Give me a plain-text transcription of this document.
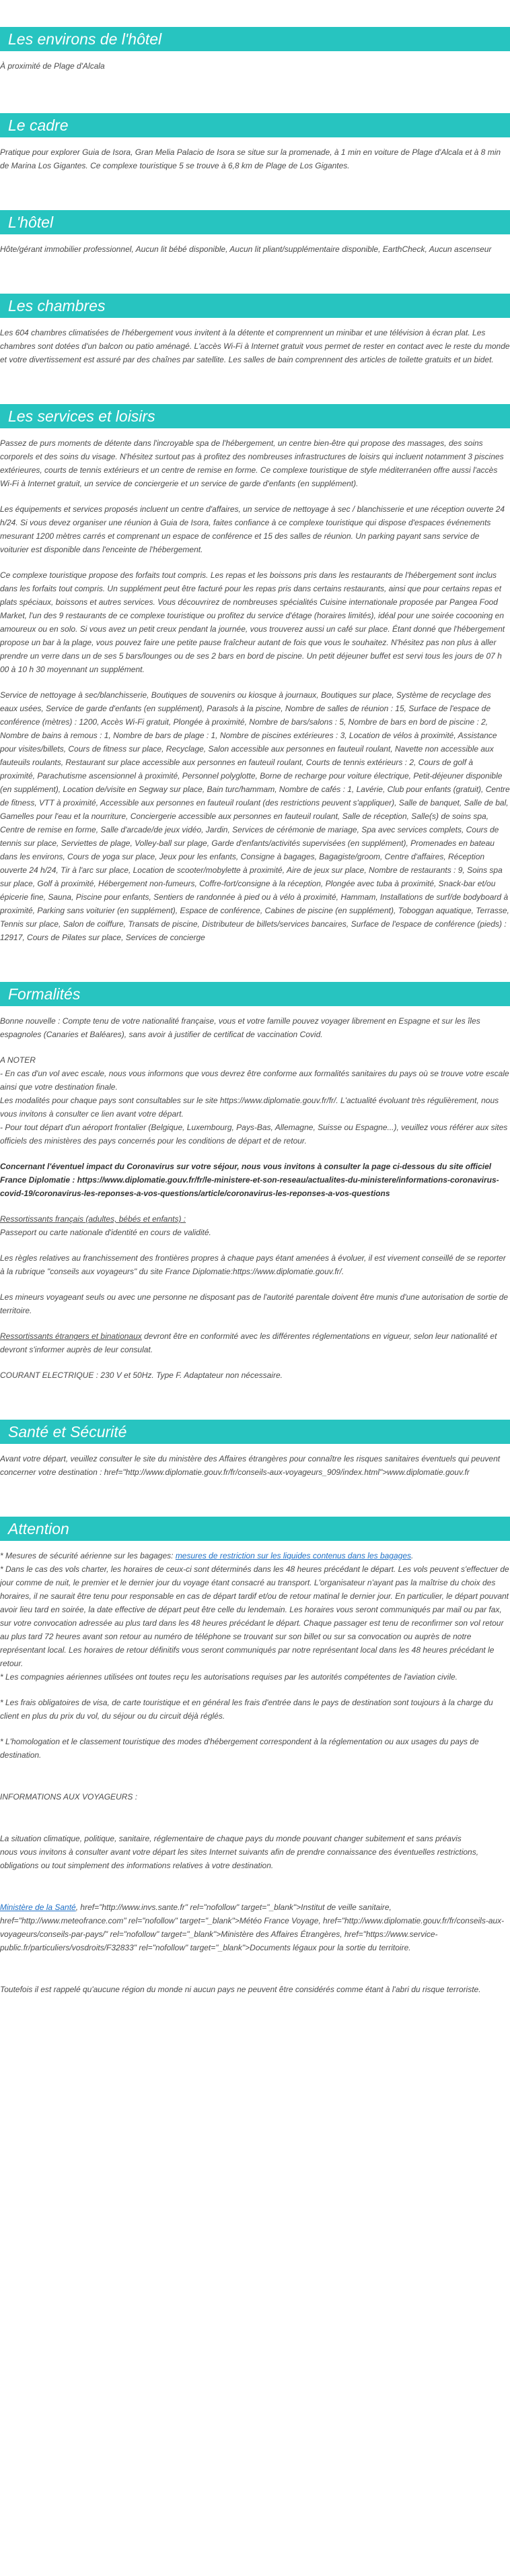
Les environs de l'hôtel

À proximité de Plage d'Alcala

Le cadre

Pratique pour explorer Guia de Isora, Gran Melia Palacio de Isora se situe sur la promenade, à 1 min en voiture de Plage d'Alcala et à 8 min de Marina Los Gigantes. Ce complexe touristique 5 se trouve à 6,8 km de Plage de Los Gigantes.

L'hôtel

Hôte/gérant immobilier professionnel, Aucun lit bébé disponible, Aucun lit pliant/supplémentaire disponible, EarthCheck, Aucun ascenseur

Les chambres

Les 604 chambres climatisées de l'hébergement vous invitent à la détente et comprennent un minibar et une télévision à écran plat. Les chambres sont dotées d'un balcon ou patio aménagé. L'accès Wi-Fi à Internet gratuit vous permet de rester en contact avec le reste du monde et votre divertissement est assuré par des chaînes par satellite. Les salles de bain comprennent des articles de toilette gratuits et un bidet.

Les services et loisirs

Passez de purs moments de détente dans l'incroyable spa de l'hébergement, un centre bien-être qui propose des massages, des soins corporels et des soins du visage. N'hésitez surtout pas à profitez des nombreuses infrastructures de loisirs qui incluent notamment 3 piscines extérieures, courts de tennis extérieurs et un centre de remise en forme. Ce complexe touristique de style méditerranéen offre aussi l'accès Wi-Fi à Internet gratuit, un service de conciergerie et un service de garde d'enfants (en supplément).

Les équipements et services proposés incluent un centre d'affaires, un service de nettoyage à sec / blanchisserie et une réception ouverte 24 h/24. Si vous devez organiser une réunion à Guia de Isora, faites confiance à ce complexe touristique qui dispose d'espaces événements mesurant 1200 mètres carrés et comprenant un espace de conférence et 15 des salles de réunion. Un parking payant sans service de voiturier est disponible dans l'enceinte de l'hébergement.

Ce complexe touristique propose des forfaits tout compris. Les repas et les boissons pris dans les restaurants de l'hébergement sont inclus dans les forfaits tout compris. Un supplément peut être facturé pour les repas pris dans certains restaurants, ainsi que pour certains repas et plats spéciaux, boissons et autres services. Vous découvrirez de nombreuses spécialités Cuisine internationale proposée par Pangea Food Market, l'un des 9 restaurants de ce complexe touristique ou profitez du service d'étage (horaires limités), idéal pour une soirée cocooning en amoureux ou en solo. Si vous avez un petit creux pendant la journée, vous trouverez aussi un café sur place. Étant donné que l'hébergement propose un bar à la plage, vous pouvez faire une petite pause fraîcheur autant de fois que vous le souhaitez. N'hésitez pas non plus à aller prendre un verre dans un de ses 5 bars/lounges ou de ses 2 bars en bord de piscine. Un petit déjeuner buffet est servi tous les jours de 07 h 00 à 10 h 30 moyennant un supplément.

Service de nettoyage à sec/blanchisserie, Boutiques de souvenirs ou kiosque à journaux, Boutiques sur place, Système de recyclage des eaux usées, Service de garde d'enfants (en supplément), Parasols à la piscine, Nombre de salles de réunion : 15, Surface de l'espace de conférence (mètres) : 1200, Accès Wi-Fi gratuit, Plongée à proximité, Nombre de bars/salons : 5, Nombre de bars en bord de piscine : 2, Nombre de bains à remous : 1, Nombre de bars de plage : 1, Nombre de piscines extérieures : 3, Location de vélos à proximité, Assistance pour visites/billets, Cours de fitness sur place, Recyclage, Salon accessible aux personnes en fauteuil roulant, Navette non accessible aux fauteuils roulants, Restaurant sur place accessible aux personnes en fauteuil roulant, Courts de tennis extérieurs : 2, Cours de golf à proximité, Parachutisme ascensionnel à proximité, Personnel polyglotte, Borne de recharge pour voiture électrique, Petit-déjeuner disponible (en supplément), Location de/visite en Segway sur place, Bain turc/hammam, Nombre de cafés : 1, Lavérie, Club pour enfants (gratuit), Centre de fitness, VTT à proximité, Accessible aux personnes en fauteuil roulant (des restrictions peuvent s'appliquer), Salle de banquet, Salle de bal, Gamelles pour l'eau et la nourriture, Conciergerie accessible aux personnes en fauteuil roulant, Salle de réception, Salle(s) de soins spa, Centre de remise en forme, Salle d'arcade/de jeux vidéo, Jardin, Services de cérémonie de mariage, Spa avec services complets, Cours de tennis sur place, Serviettes de plage, Volley-ball sur plage, Garde d'enfants/activités supervisées (en supplément), Promenades en bateau dans les environs, Cours de yoga sur place, Jeux pour les enfants, Consigne à bagages, Bagagiste/groom, Centre d'affaires, Réception ouverte 24 h/24, Tir à l'arc sur place, Location de scooter/mobylette à proximité, Aire de jeux sur place, Nombre de restaurants : 9, Soins spa sur place, Golf à proximité, Hébergement non-fumeurs, Coffre-fort/consigne à la réception, Plongée avec tuba à proximité, Snack-bar et/ou épicerie fine, Sauna, Piscine pour enfants, Sentiers de randonnée à pied ou à vélo à proximité, Hammam, Installations de surf/de bodyboard à proximité, Parking sans voiturier (en supplément), Espace de conférence, Cabines de piscine (en supplément), Toboggan aquatique, Terrasse, Tennis sur place, Salon de coiffure, Transats de piscine, Distributeur de billets/services bancaires, Surface de l'espace de conférence (pieds) : 12917, Cours de Pilates sur place, Services de concierge

Formalités

Bonne nouvelle : Compte tenu de votre nationalité française, vous et votre famille pouvez voyager librement en Espagne et sur les îles espagnoles (Canaries et Baléares), sans avoir à justifier de certificat de vaccination Covid.

A NOTER
- En cas d'un vol avec escale, nous vous informons que vous devrez être conforme aux formalités sanitaires du pays où se trouve votre escale ainsi que votre destination finale.
Les modalités pour chaque pays sont consultables sur le site https://www.diplomatie.gouv.fr/fr/. L'actualité évoluant très régulièrement, nous vous invitons à consulter ce lien avant votre départ.
- Pour tout départ d'un aéroport frontalier (Belgique, Luxembourg, Pays-Bas, Allemagne, Suisse ou Espagne...), veuillez vous référer aux sites officiels des ministères des pays concernés pour les conditions de départ et de retour.

Concernant l'éventuel impact du Coronavirus sur votre séjour, nous vous invitons à consulter la page ci-dessous du site officiel France Diplomatie : https://www.diplomatie.gouv.fr/fr/le-ministere-et-son-reseau/actualites-du-ministere/informations-coronavirus-covid-19/coronavirus-les-reponses-a-vos-questions/article/coronavirus-les-reponses-a-vos-questions

Ressortissants français (adultes, bébés et enfants) :
Passeport ou carte nationale d'identité en cours de validité.

Les règles relatives au franchissement des frontières propres à chaque pays étant amenées à évoluer, il est vivement conseillé de se reporter à la rubrique "conseils aux voyageurs" du site France Diplomatie:https://www.diplomatie.gouv.fr/.

Les mineurs voyageant seuls ou avec une personne ne disposant pas de l'autorité parentale doivent être munis d'une autorisation de sortie de territoire.

Ressortissants étrangers et binationaux devront être en conformité avec les différentes réglementations en vigueur, selon leur nationalité et devront s'informer auprès de leur consulat.

COURANT ELECTRIQUE : 230 V et 50Hz. Type F. Adaptateur non nécessaire.

Santé et Sécurité

Avant votre départ, veuillez consulter le site du ministère des Affaires étrangères pour connaître les risques sanitaires éventuels qui peuvent concerner votre destination : href="http://www.diplomatie.gouv.fr/fr/conseils-aux-voyageurs_909/index.html">www.diplomatie.gouv.fr

Attention

* Mesures de sécurité aérienne sur les bagages: mesures de restriction sur les liquides contenus dans les bagages.
* Dans le cas des vols charter, les horaires de ceux-ci sont déterminés dans les 48 heures précédant le départ. Les vols peuvent s'effectuer de jour comme de nuit, le premier et le dernier jour du voyage étant consacré au transport. L'organisateur n'ayant pas la maîtrise du choix des horaires, il ne saurait être tenu pour responsable en cas de départ tardif et/ou de retour matinal le dernier jour. En particulier, le départ pouvant avoir lieu tard en soirée, la date effective de départ peut être celle du lendemain. Les horaires vous seront communiqués par mail ou par fax, sur votre convocation adressée au plus tard dans les 48 heures précédant le départ. Chaque passager est tenu de reconfirmer son vol retour au plus tard 72 heures avant son retour au numéro de téléphone se trouvant sur son billet ou sur sa convocation ou auprès de notre représentant local. Les horaires de retour définitifs vous seront communiqués par notre représentant local dans les 48 heures précédant le retour.
* Les compagnies aériennes utilisées ont toutes reçu les autorisations requises par les autorités compétentes de l'aviation civile.

* Les frais obligatoires de visa, de carte touristique et en général les frais d'entrée dans le pays de destination sont toujours à la charge du client en plus du prix du vol, du séjour ou du circuit déjà réglés.

* L'homologation et le classement touristique des modes d'hébergement correspondent à la réglementation ou aux usages du pays de destination.

INFORMATIONS AUX VOYAGEURS :

La situation climatique, politique, sanitaire, réglementaire de chaque pays du monde pouvant changer subitement et sans préavis
nous vous invitons à consulter avant votre départ les sites Internet suivants afin de prendre connaissance des éventuelles restrictions, obligations ou tout simplement des informations relatives à votre destination.

Ministère de la Santé, href="http://www.invs.sante.fr" rel="nofollow" target="_blank">Institut de veille sanitaire, href="http://www.meteofrance.com" rel="nofollow" target="_blank">Météo France Voyage, href="http://www.diplomatie.gouv.fr/fr/conseils-aux-voyageurs/conseils-par-pays/" rel="nofollow" target="_blank">Ministère des Affaires Étrangères, href="https://www.service-public.fr/particuliers/vosdroits/F32833" rel="nofollow" target="_blank">Documents légaux pour la sortie du territoire.

Toutefois il est rappelé qu'aucune région du monde ni aucun pays ne peuvent être considérés comme étant à l'abri du risque terroriste.
